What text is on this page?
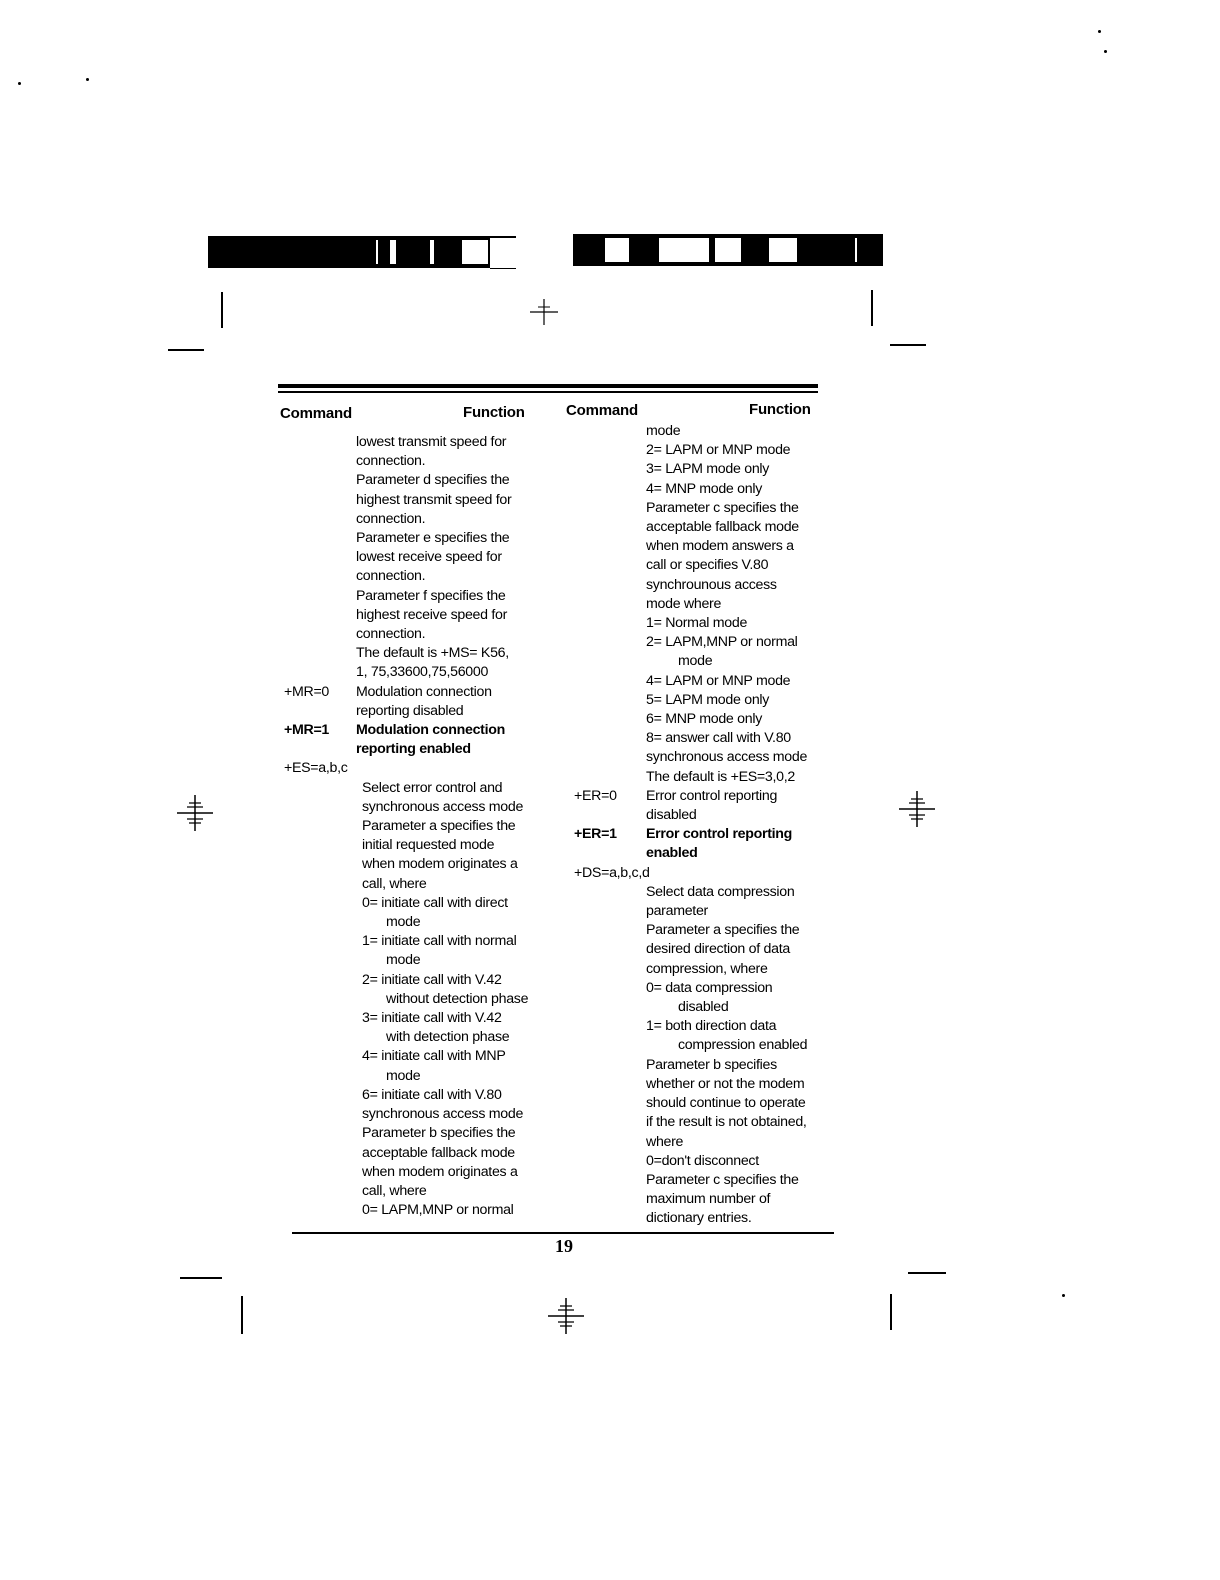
Command	Function	Command	Function
lowest transmit speed for
connection.
Parameter d specifies the
highest transmit speed for
connection.
Parameter e specifies the
lowest receive speed for
connection.
Parameter f specifies the
highest receive speed for
connection.
The default is +MS= K56,
1, 75,33600,75,56000
+MR=0	Modulation connection
reporting disabled
+MR=1	Modulation connection
reporting enabled
+ES=a,b,c
Select error control and
synchronous access mode
Parameter a specifies the
initial requested mode
when modem originates a
call, where
0= initiate call with direct
mode
1= initiate call with normal
mode
2= initiate call with V.42
without detection phase
3= initiate call with V.42
with detection phase
4= initiate call with MNP
mode
6= initiate call with V.80
synchronous access mode
Parameter b specifies the
acceptable fallback mode
when modem originates a
call, where
0= LAPM,MNP or normal
mode
2= LAPM or MNP mode
3= LAPM mode only
4= MNP mode only
Parameter c specifies the
acceptable fallback mode
when modem answers a
call or specifies V.80
synchrounous access
mode where
1= Normal mode
2= LAPM,MNP or normal
mode
4= LAPM or MNP mode
5= LAPM mode only
6= MNP mode only
8= answer call with V.80
synchronous access mode
The default is +ES=3,0,2
+ER=0	Error control reporting
disabled
+ER=1	Error control reporting
enabled
+DS=a,b,c,d
Select data compression
parameter
Parameter a specifies the
desired direction of data
compression, where
0= data compression
disabled
1= both direction data
compression enabled
Parameter b specifies
whether or not the modem
should continue to operate
if the result is not obtained,
where
0=don't disconnect
Parameter c specifies the
maximum number of
dictionary entries.
19
